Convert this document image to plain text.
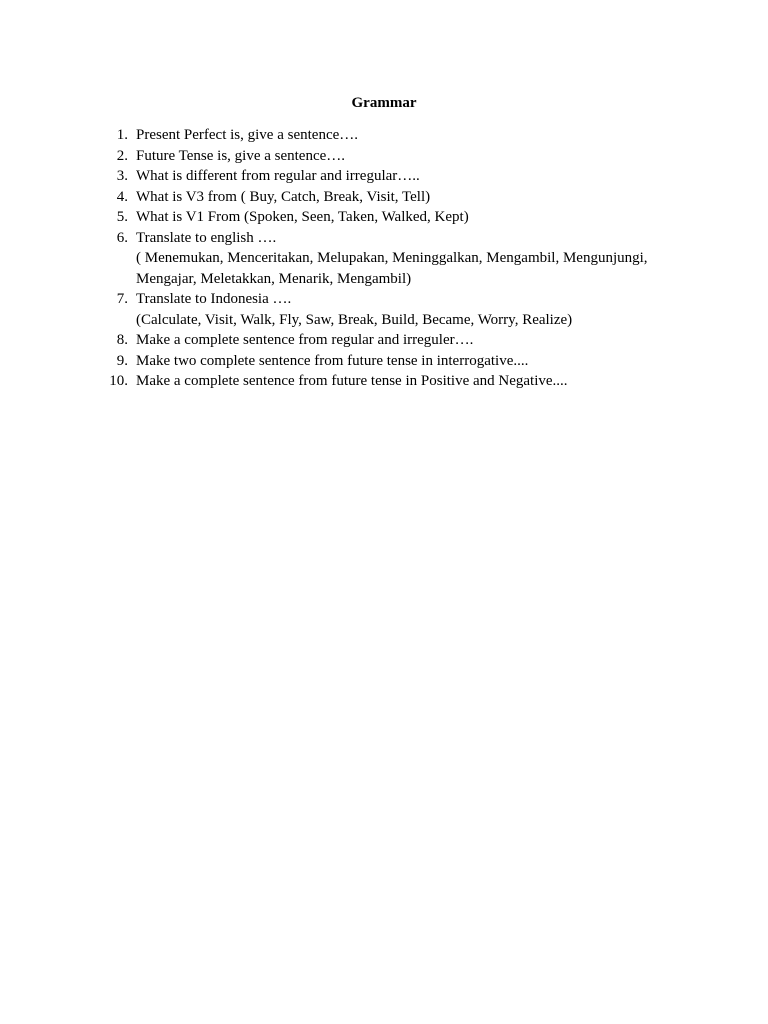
Grammar
1. Present Perfect is, give a sentence….
2. Future Tense is, give a sentence….
3. What is different from regular and irregular…..
4. What is V3 from ( Buy, Catch, Break, Visit, Tell)
5. What is V1 From (Spoken, Seen, Taken, Walked, Kept)
6. Translate to english ….
( Menemukan, Menceritakan, Melupakan, Meninggalkan, Mengambil, Mengunjungi, Mengajar, Meletakkan, Menarik, Mengambil)
7. Translate to Indonesia ….
(Calculate, Visit, Walk, Fly, Saw, Break, Build, Became, Worry, Realize)
8. Make a complete sentence from regular and irreguler….
9. Make two complete sentence from future tense in interrogative....
10. Make a complete sentence from future tense in Positive and Negative....
